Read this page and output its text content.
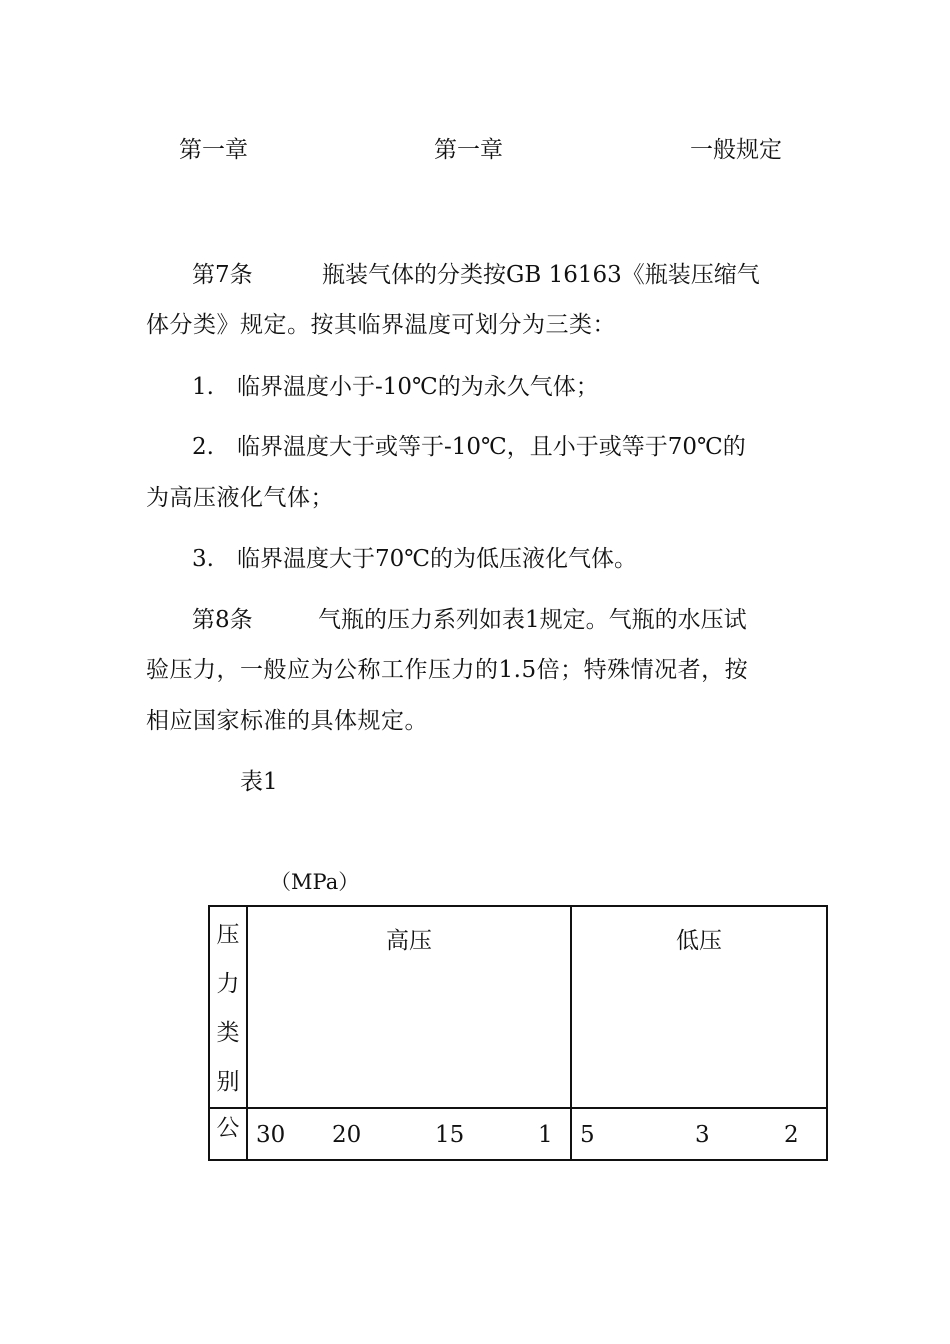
第一章	第一章	一般规定
第7条	瓶装气体的分类按GB 16163《瓶装压缩气
体分类》规定。按其临界温度可划分为三类：
1.　临界温度小于-10℃的为永久气体；
2.　临界温度大于或等于-10℃，且小于或等于70℃的
为高压液化气体；
3.　临界温度大于70℃的为低压液化气体。
第8条	气瓶的压力系列如表1规定。气瓶的水压试
验压力，一般应为公称工作压力的1.5倍；特殊情况者，按
相应国家标准的具体规定。
表1
（MPa）
压
力
类
别	高压	低压

公	30 20 15 1	5 3 2
